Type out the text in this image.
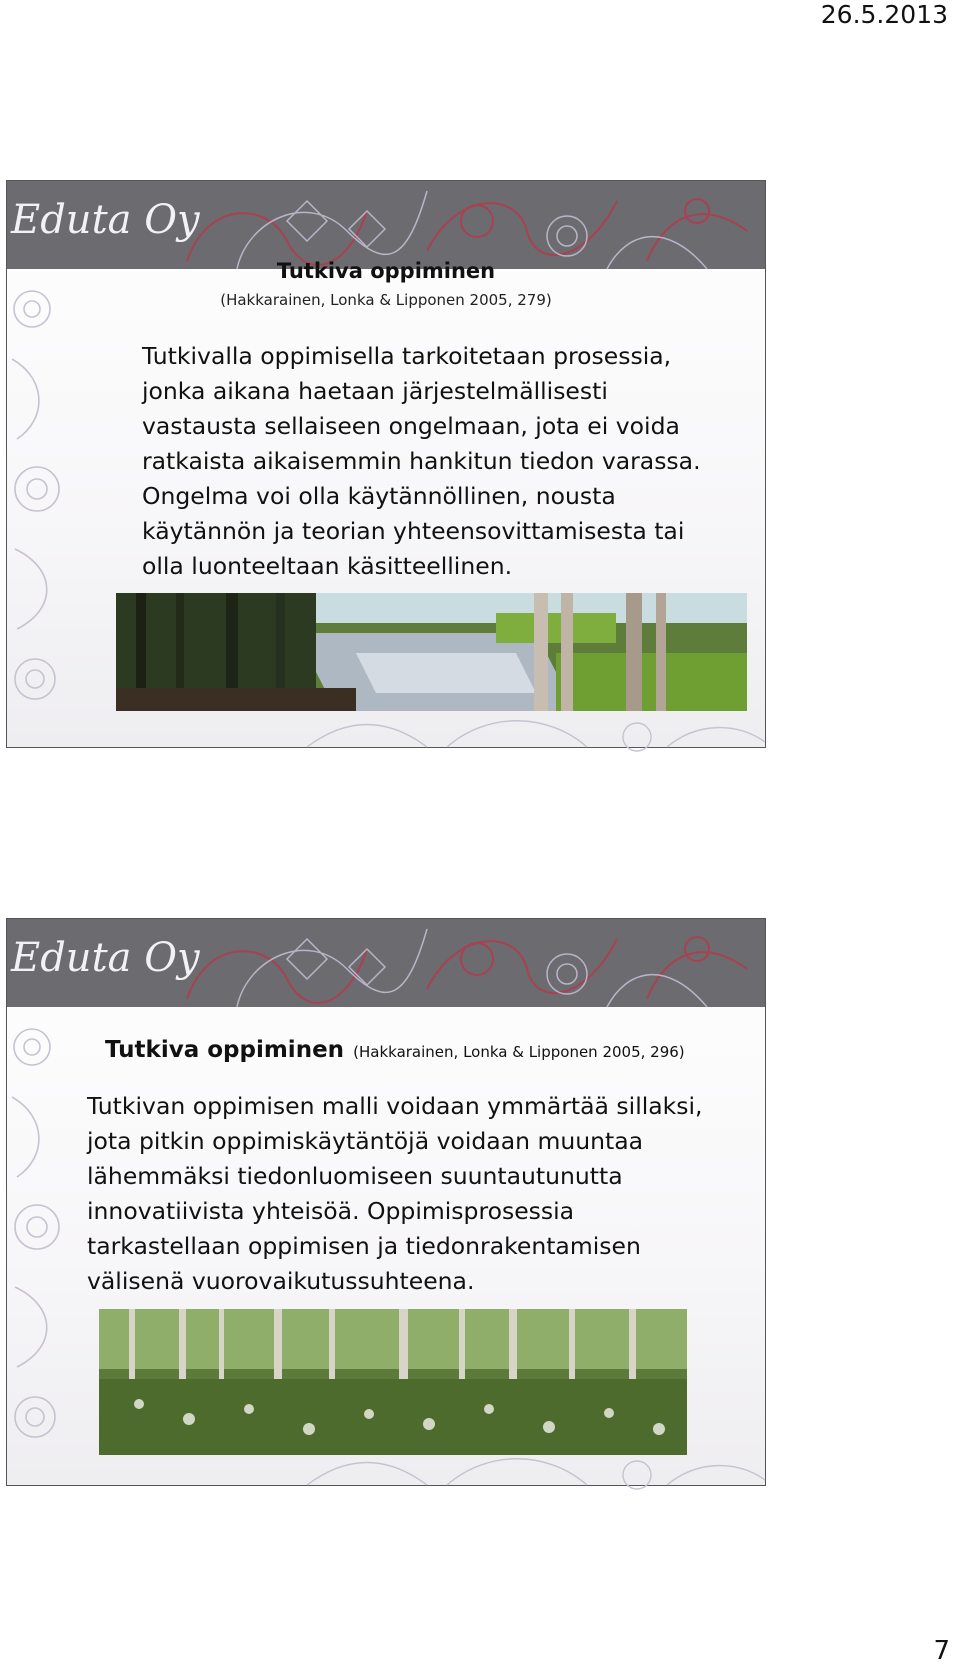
26.5.2013
Eduta Oy
Tutkiva oppiminen
(Hakkarainen, Lonka & Lipponen 2005, 279)
Tutkivalla oppimisella tarkoitetaan prosessia,
jonka aikana haetaan järjestelmällisesti
vastausta sellaiseen ongelmaan, jota ei voida
ratkaista aikaisemmin hankitun tiedon varassa.
Ongelma voi olla käytännöllinen, nousta
käytännön ja teorian yhteensovittamisesta tai
olla luonteeltaan käsitteellinen.
Eduta Oy
Tutkiva oppiminen (Hakkarainen, Lonka & Lipponen 2005, 296)
Tutkivan oppimisen malli voidaan ymmärtää sillaksi,
jota pitkin oppimiskäytäntöjä voidaan muuntaa
lähemmäksi tiedonluomiseen suuntautunutta
innovatiivista yhteisöä. Oppimisprosessia
tarkastellaan oppimisen ja tiedonrakentamisen
välisenä vuorovaikutussuhteena.
7
